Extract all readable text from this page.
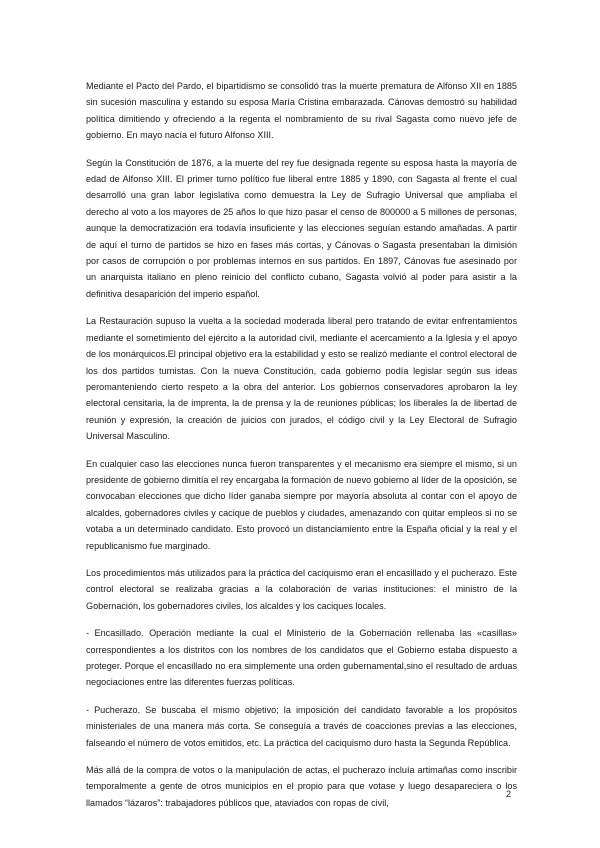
Mediante el Pacto del Pardo, el bipartidismo se consolidó tras la muerte prematura de Alfonso XII en 1885 sin sucesión masculina y estando su esposa María Cristina embarazada. Cánovas demostró su habilidad política dimitiendo y ofreciendo a la regenta el nombramiento de su rival Sagasta como nuevo jefe de gobierno. En mayo nacía el futuro Alfonso XIII.

Según la Constitución de 1876, a la muerte del rey fue designada regente su esposa hasta la mayoría de edad de Alfonso XIII. El primer turno político fue liberal entre 1885 y 1890, con Sagasta al frente el cual desarrolló una gran labor legislativa como demuestra la Ley de Sufragio Universal que ampliaba el derecho al voto a los mayores de 25 años lo que hizo pasar el censo de 800000 a 5 millones de personas, aunque la democratización era todavía insuficiente y las elecciones seguían estando amañadas. A partir de aquí el turno de partidos se hizo en fases más cortas, y Cánovas o Sagasta presentaban la dimisión por casos de corrupción o por problemas internos en sus partidos. En 1897, Cánovas fue asesinado por un anarquista italiano en pleno reinicio del conflicto cubano, Sagasta volvió al poder para asistir a la definitiva desaparición del imperio español.

La Restauración supuso la vuelta a la sociedad moderada liberal pero tratando de evitar enfrentamientos mediante el sometimiento del ejército a la autoridad civil, mediante el acercamiento a la Iglesia y el apoyo de los monárquicos.El principal objetivo era la estabilidad y esto se realizó mediante el control electoral de los dos partidos turnistas. Con la nueva Constitución, cada gobierno podía legislar según sus ideas peromanteniendo cierto respeto a la obra del anterior. Los gobiernos conservadores aprobaron la ley electoral censitaria, la de imprenta, la de prensa y la de reuniones públicas; los liberales la de libertad de reunión y expresión, la creación de juicios con jurados, el código civil y la Ley Electoral de Sufragio Universal Masculino.

En cualquier caso las elecciones nunca fueron transparentes y el mecanismo era siempre el mismo, si un presidente de gobierno dimitía el rey encargaba la formación de nuevo gobierno al líder de la oposición, se convocaban elecciones que dicho líder ganaba siempre por mayoría absoluta al contar con el apoyo de alcaldes, gobernadores civiles y cacique de pueblos y ciudades, amenazando con quitar empleos si no se votaba a un determinado candidato. Esto provocó un distanciamiento entre la España oficial y la real y el republicanismo fue marginado.

Los procedimientos más utilizados para la práctica del caciquismo eran el encasillado y el pucherazo. Este control electoral se realizaba gracias a la colaboración de varias instituciones: el ministro de la Gobernación, los gobernadores civiles, los alcaldes y los caciques locales.

- Encasillado. Operación mediante la cual el Ministerio de la Gobernación rellenaba las «casillas» correspondientes a los distritos con los nombres de los candidatos que el Gobierno estaba dispuesto a proteger. Porque el encasillado no era simplemente una orden gubernamental,sino el resultado de arduas negociaciones entre las diferentes fuerzas políticas.

- Pucherazo. Se buscaba el mismo objetivo; la imposición del candidato favorable a los propósitos ministeriales de una manera más corta. Se conseguía a través de coacciones previas a las elecciones, falseando el número de votos emitidos, etc. La práctica del caciquismo duro hasta la Segunda República.

Más allá de la compra de votos o la manipulación de actas, el pucherazo incluía artimañas como inscribir temporalmente a gente de otros municipios en el propio para que votase y luego desapareciera o los llamados “lázaros”: trabajadores públicos que, ataviados con ropas de civil,

2
